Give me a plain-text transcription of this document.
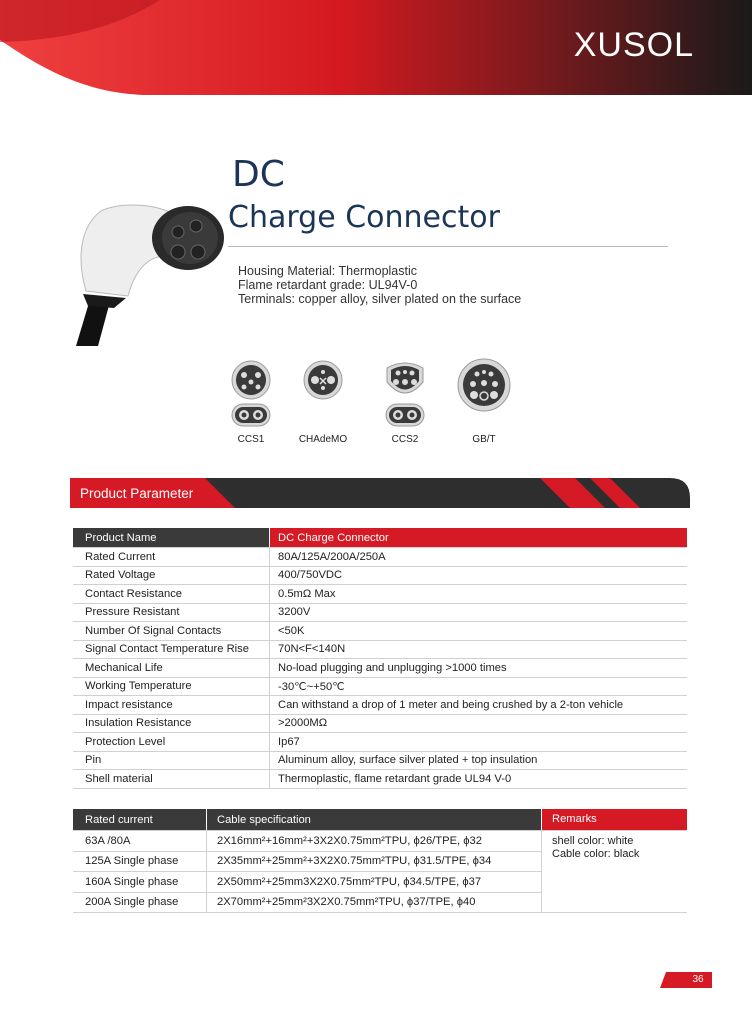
XUSOL
DC
Charge Connector
Housing Material: Thermoplastic
Flame retardant grade: UL94V-0
Terminals: copper alloy, silver plated on the surface
CCS1	CHAdeMO	CCS2	GB/T
Product Parameter
Product Name	DC Charge Connector
Rated Current	80A/125A/200A/250A
Rated Voltage	400/750VDC
Contact Resistance	0.5mΩ Max
Pressure Resistant	3200V
Number Of Signal Contacts	<50K
Signal Contact Temperature Rise	70N<F<140N
Mechanical Life	No-load plugging and unplugging >1000 times
Working Temperature	-30℃~+50℃
Impact resistance	Can withstand a drop of 1 meter and being crushed by a 2-ton vehicle
Insulation Resistance	>2000MΩ
Protection Level	Ip67
Pin	Aluminum alloy, surface silver plated + top insulation
Shell material	Thermoplastic, flame retardant grade UL94 V-0
Rated current	Cable specification	Remarks
63A /80A	2X16mm²+16mm²+3X2X0.75mm²TPU, ϕ26/TPE, ϕ32	shell color: white
Cable color: black

125A Single phase	2X35mm²+25mm²+3X2X0.75mm²TPU, ϕ31.5/TPE, ϕ34	
160A Single phase	2X50mm²+25mm3X2X0.75mm²TPU, ϕ34.5/TPE, ϕ37	
200A Single phase	2X70mm²+25mm²3X2X0.75mm²TPU, ϕ37/TPE, ϕ40	
36
